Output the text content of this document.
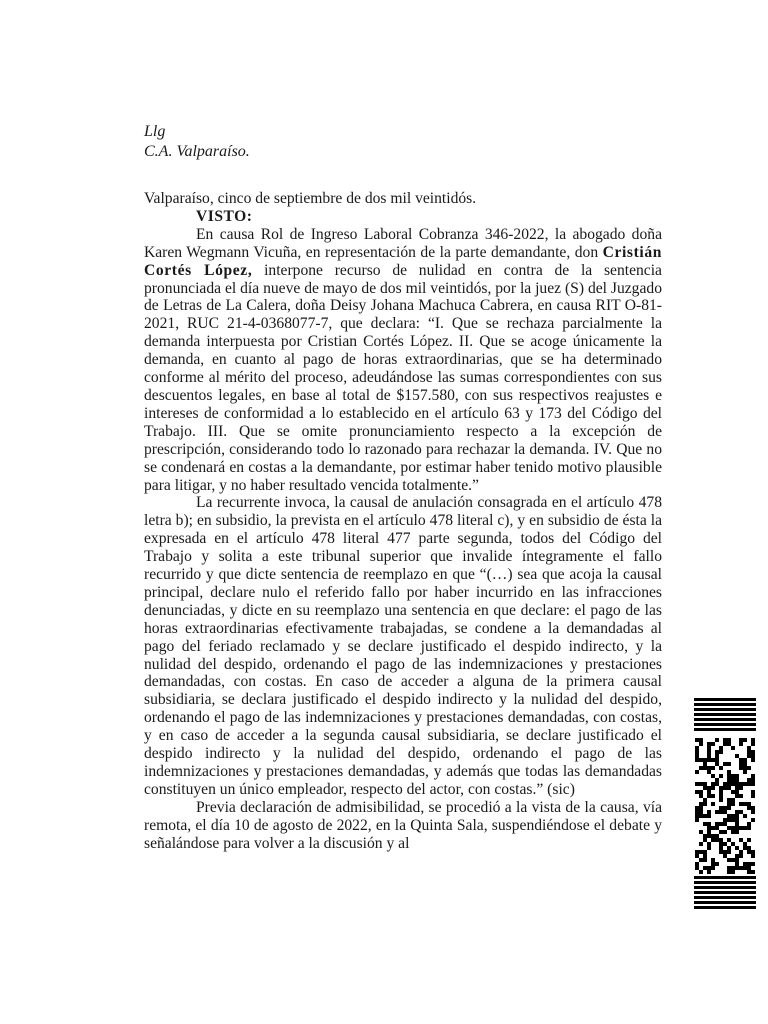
Llg
C.A. Valparaíso.

Valparaíso, cinco de septiembre de dos mil veintidós.

VISTO:

En causa Rol de Ingreso Laboral Cobranza 346-2022, la abogado doña Karen Wegmann Vicuña, en representación de la parte demandante, don Cristián Cortés López, interpone recurso de nulidad en contra de la sentencia pronunciada el día nueve de mayo de dos mil veintidós, por la juez (S) del Juzgado de Letras de La Calera, doña Deisy Johana Machuca Cabrera, en causa RIT O-81-2021, RUC 21-4-0368077-7, que declara: “I. Que se rechaza parcialmente la demanda interpuesta por Cristian Cortés López. II. Que se acoge únicamente la demanda, en cuanto al pago de horas extraordinarias, que se ha determinado conforme al mérito del proceso, adeudándose las sumas correspondientes con sus descuentos legales, en base al total de $157.580, con sus respectivos reajustes e intereses de conformidad a lo establecido en el artículo 63 y 173 del Código del Trabajo. III. Que se omite pronunciamiento respecto a la excepción de prescripción, considerando todo lo razonado para rechazar la demanda. IV. Que no se condenará en costas a la demandante, por estimar haber tenido motivo plausible para litigar, y no haber resultado vencida totalmente.”

La recurrente invoca, la causal de anulación consagrada en el artículo 478 letra b); en subsidio, la prevista en el artículo 478 literal c), y en subsidio de ésta la expresada en el artículo 478 literal 477 parte segunda, todos del Código del Trabajo y solita a este tribunal superior que invalide íntegramente el fallo recurrido y que dicte sentencia de reemplazo en que “(…) sea que acoja la causal principal, declare nulo el referido fallo por haber incurrido en las infracciones denunciadas, y dicte en su reemplazo una sentencia en que declare: el pago de las horas extraordinarias efectivamente trabajadas, se condene a la demandadas al pago del feriado reclamado y se declare justificado el despido indirecto, y la nulidad del despido, ordenando el pago de las indemnizaciones y prestaciones demandadas, con costas. En caso de acceder a alguna de la primera causal subsidiaria, se declara justificado el despido indirecto y la nulidad del despido, ordenando el pago de las indemnizaciones y prestaciones demandadas, con costas, y en caso de acceder a la segunda causal subsidiaria, se declare justificado el despido indirecto y la nulidad del despido, ordenando el pago de las indemnizaciones y prestaciones demandadas, y además que todas las demandadas constituyen un único empleador, respecto del actor, con costas.” (sic)

Previa declaración de admisibilidad, se procedió a la vista de la causa, vía remota, el día 10 de agosto de 2022, en la Quinta Sala, suspendiéndose el debate y señalándose para volver a la discusión y al
